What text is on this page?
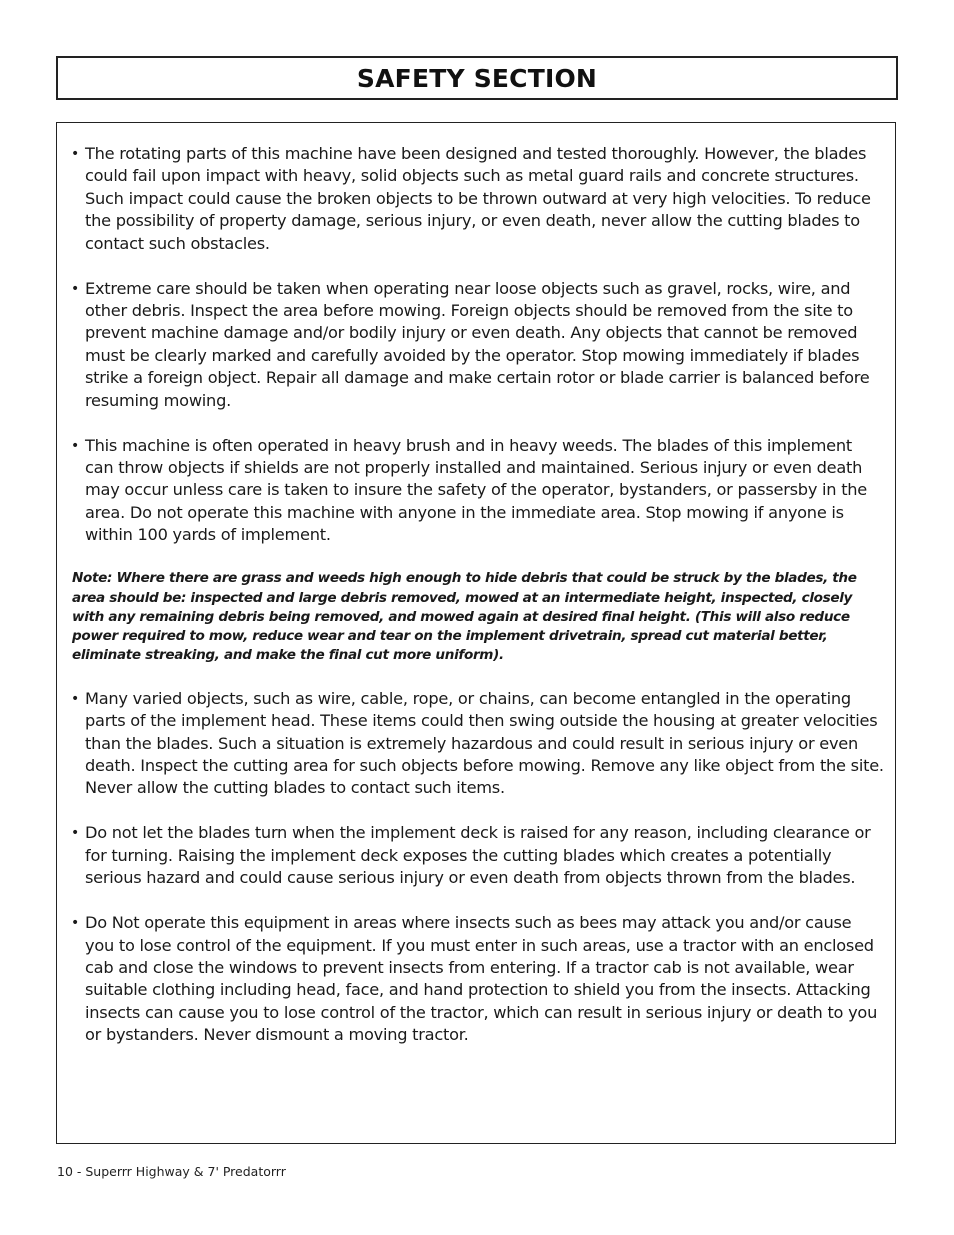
SAFETY SECTION
• The rotating parts of this machine have been designed and tested thoroughly. However, the blades could fail upon impact with heavy, solid objects such as metal guard rails and concrete structures. Such impact could cause the broken objects to be thrown outward at very high velocities. To reduce the possibility of property damage, serious injury, or even death, never allow the cutting blades to contact such obstacles.
• Extreme care should be taken when operating near loose objects such as gravel, rocks, wire, and other debris. Inspect the area before mowing. Foreign objects should be removed from the site to prevent machine damage and/or bodily injury or even death. Any objects that cannot be removed must be clearly marked and carefully avoided by the operator. Stop mowing immediately if blades strike a foreign object. Repair all damage and make certain rotor or blade carrier is balanced before resuming mowing.
• This machine is often operated in heavy brush and in heavy weeds. The blades of this implement can throw objects if shields are not properly installed and maintained. Serious injury or even death may occur unless care is taken to insure the safety of the operator, bystanders, or passersby in the area. Do not operate this machine with anyone in the immediate area. Stop mowing if anyone is within 100 yards of implement.
Note: Where there are grass and weeds high enough to hide debris that could be struck by the blades, the area should be: inspected and large debris removed, mowed at an intermediate height, inspected, closely with any remaining debris being removed, and mowed again at desired final height. (This will also reduce power required to mow, reduce wear and tear on the implement drivetrain, spread cut material better, eliminate streaking, and make the final cut more uniform).
• Many varied objects, such as wire, cable, rope, or chains, can become entangled in the operating parts of the implement head. These items could then swing outside the housing at greater velocities than the blades. Such a situation is extremely hazardous and could result in serious injury or even death. Inspect the cutting area for such objects before mowing. Remove any like object from the site. Never allow the cutting blades to contact such items.
• Do not let the blades turn when the implement deck is raised for any reason, including clearance or for turning. Raising the implement deck exposes the cutting blades which creates a potentially serious hazard and could cause serious injury or even death from objects thrown from the blades.
• Do Not operate this equipment in areas where insects such as bees may attack you and/or cause you to lose control of the equipment. If you must enter in such areas, use a tractor with an enclosed cab and close the windows to prevent insects from entering. If a tractor cab is not available, wear suitable clothing including head, face, and hand protection to shield you from the insects. Attacking insects can cause you to lose control of the tractor, which can result in serious injury or death to you or bystanders. Never dismount a moving tractor.
10 - Superrr Highway & 7' Predatorrr
